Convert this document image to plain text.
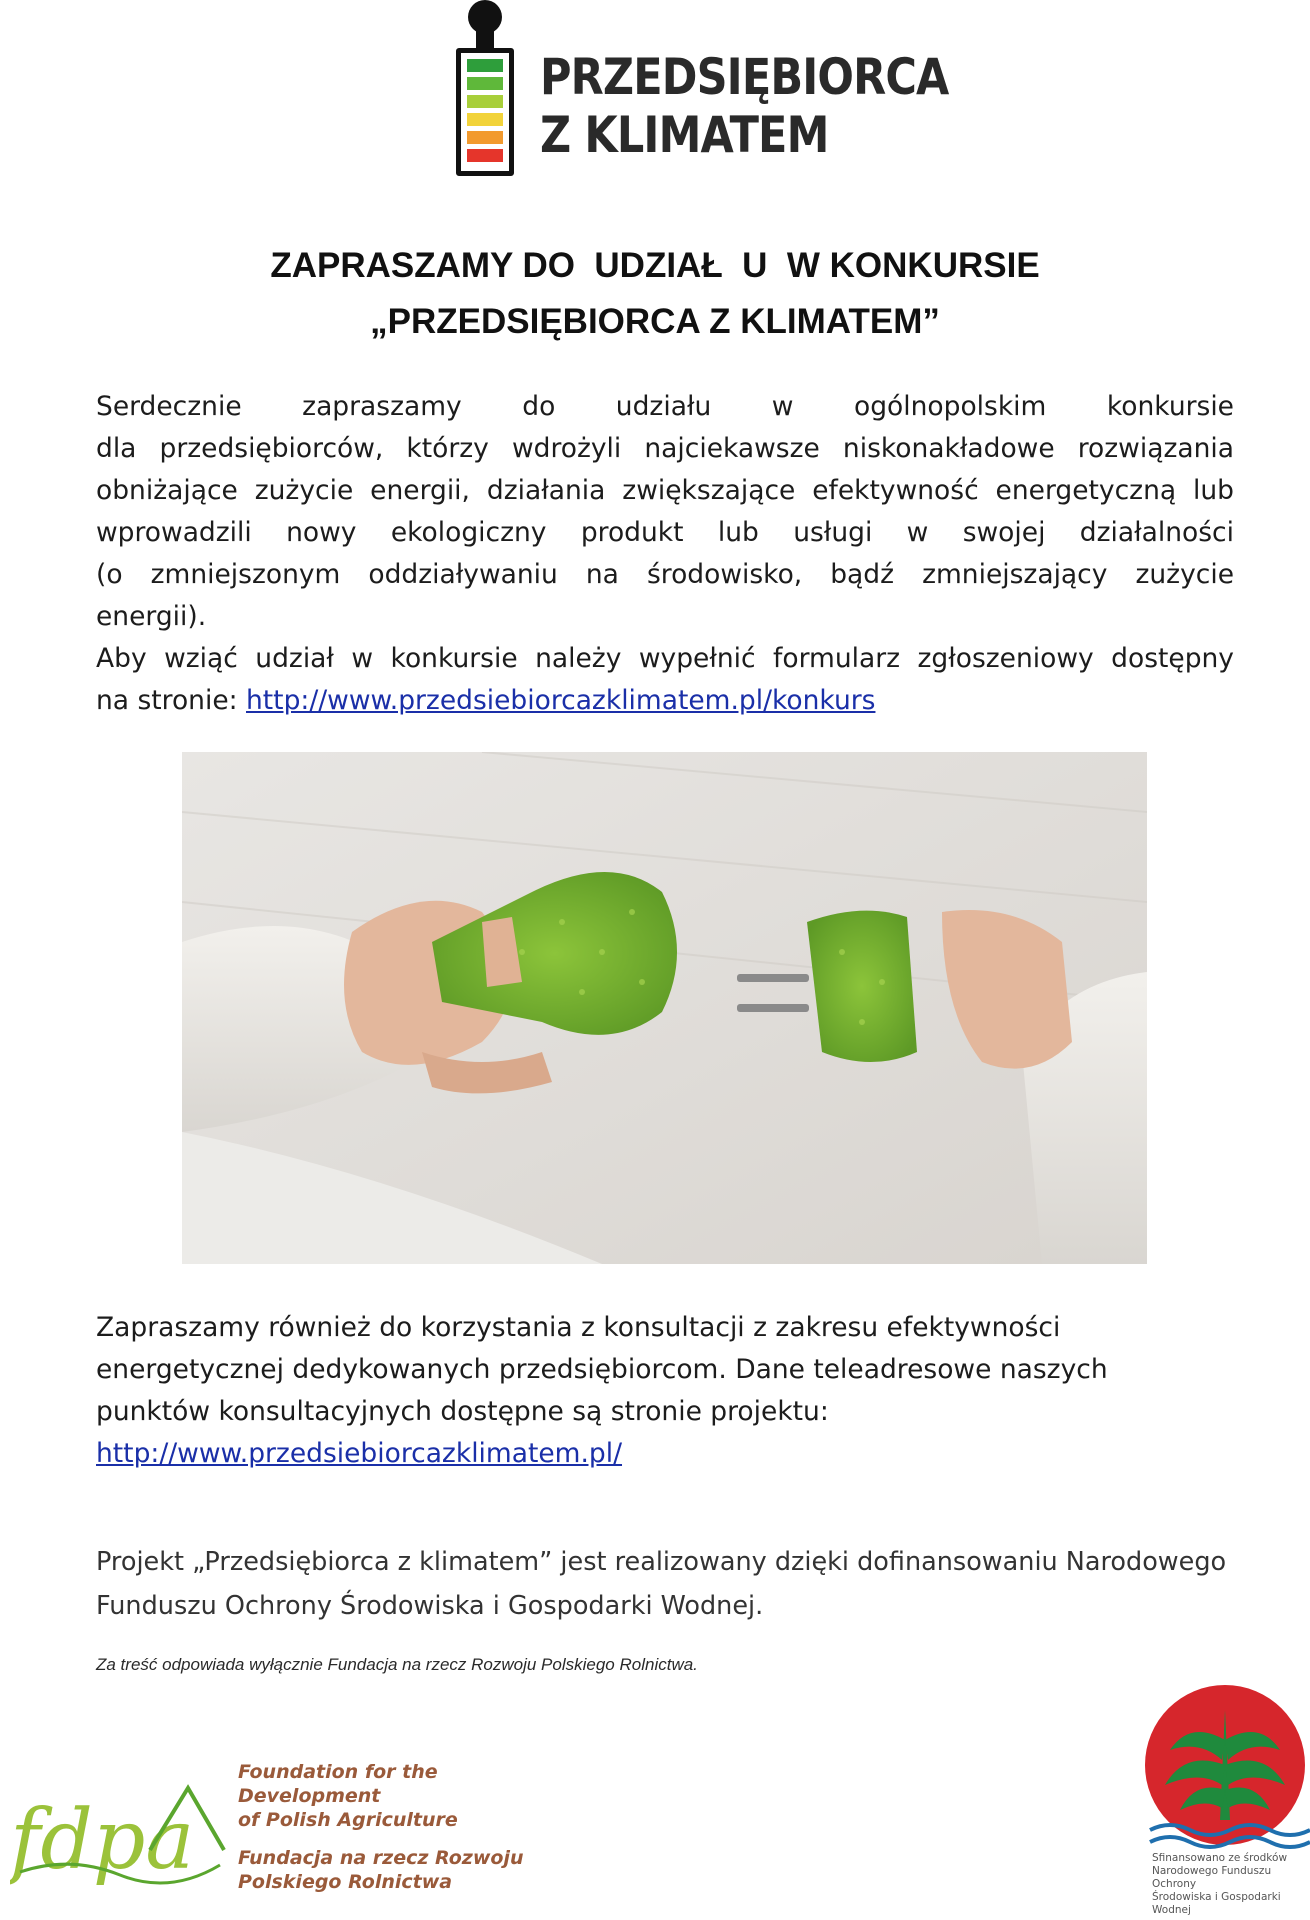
PRZEDSIĘBIORCA
Z KLIMATEM
ZAPRASZAMY DO  UDZIAŁ  U  W KONKURSIE
„PRZEDSIĘBIORCA Z KLIMATEM”
Serdecznie zapraszamy do udziału w ogólnopolskim konkursie
dla przedsiębiorców, którzy wdrożyli najciekawsze niskonakładowe rozwiązania
obniżające zużycie energii, działania zwiększające efektywność energetyczną lub
wprowadzili nowy ekologiczny produkt lub usługi w swojej działalności
(o zmniejszonym oddziaływaniu na środowisko, bądź zmniejszający zużycie
energii).
Aby wziąć udział w konkursie należy wypełnić formularz zgłoszeniowy dostępny
na stronie: http://www.przedsiebiorcazklimatem.pl/konkurs
Zapraszamy również do korzystania z konsultacji z zakresu efektywności
energetycznej dedykowanych przedsiębiorcom. Dane teleadresowe naszych
punktów konsultacyjnych dostępne są stronie projektu:
http://www.przedsiebiorcazklimatem.pl/
Projekt „Przedsiębiorca z klimatem” jest realizowany dzięki dofinansowaniu Narodowego
Funduszu Ochrony Środowiska i Gospodarki Wodnej.
Za treść odpowiada wyłącznie Fundacja na rzecz Rozwoju Polskiego Rolnictwa.
fdpa
Foundation for the Development
of Polish Agriculture
Fundacja na rzecz Rozwoju
Polskiego Rolnictwa
Sfinansowano ze środków
Narodowego Funduszu Ochrony
Środowiska i Gospodarki Wodnej
